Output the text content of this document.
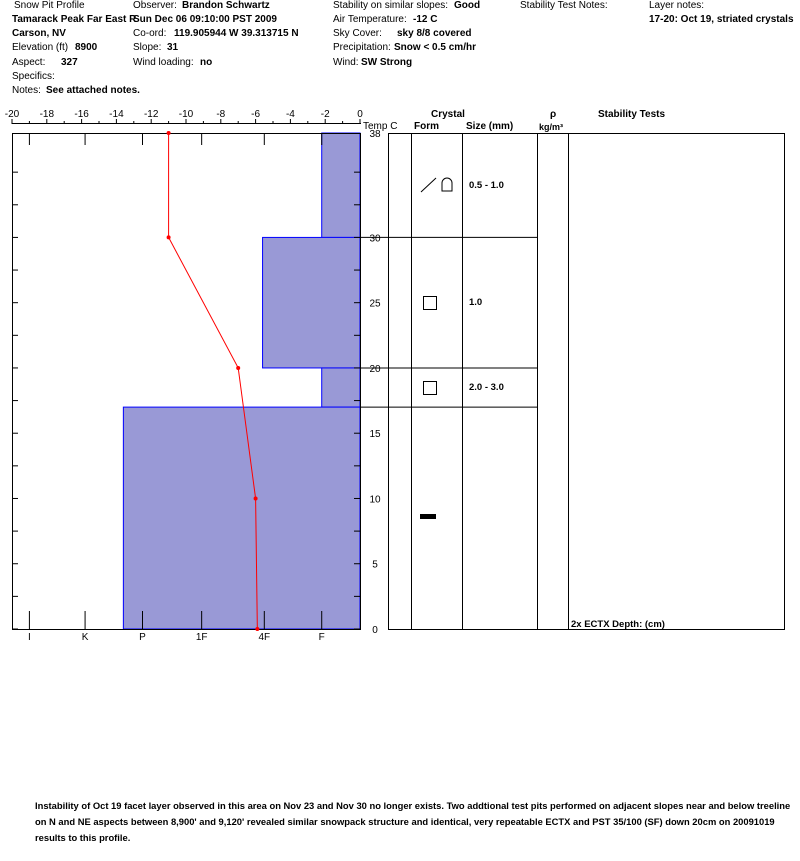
Snow Pit Profile
Tamarack Peak Far East R
Sun Dec 06 09:10:00 PST 2009
Carson, NV
Elevation (ft) 8900
Aspect: 327
Specifics:
Notes: See attached notes.
Observer: Brandon Schwartz
Co-ord: 119.905944 W 39.313715 N
Slope: 31
Wind loading: no
Stability on similar slopes: Good
Air Temperature: -12 C
Sky Cover: sky 8/8 covered
Precipitation: Snow < 0.5 cm/hr
Wind: SW Strong
Stability Test Notes:	Layer notes:
17-20: Oct 19, striated crystals
-20 -18 -16 -14 -12 -10 -8	-6	-4	-2	0
0
5
10
15
20
25
30
38
I	K	P	1F	4F	F
Temp C
Crystal
Form	Size (mm)
ρ
kg/m³
Stability Tests
0.5 - 1.0
1.0
2.0 - 3.0
2x ECTX Depth: (cm)
Instability of Oct 19 facet layer observed in this area on Nov 23 and Nov 30 no longer exists. Two addtional test pits performed on adjacent slopes near and below treeline on N and NE aspects between 8,900' and 9,120' revealed similar snowpack structure and identical, very repeatable ECTX and PST 35/100 (SF) down 20cm on 20091019 results to this profile.
